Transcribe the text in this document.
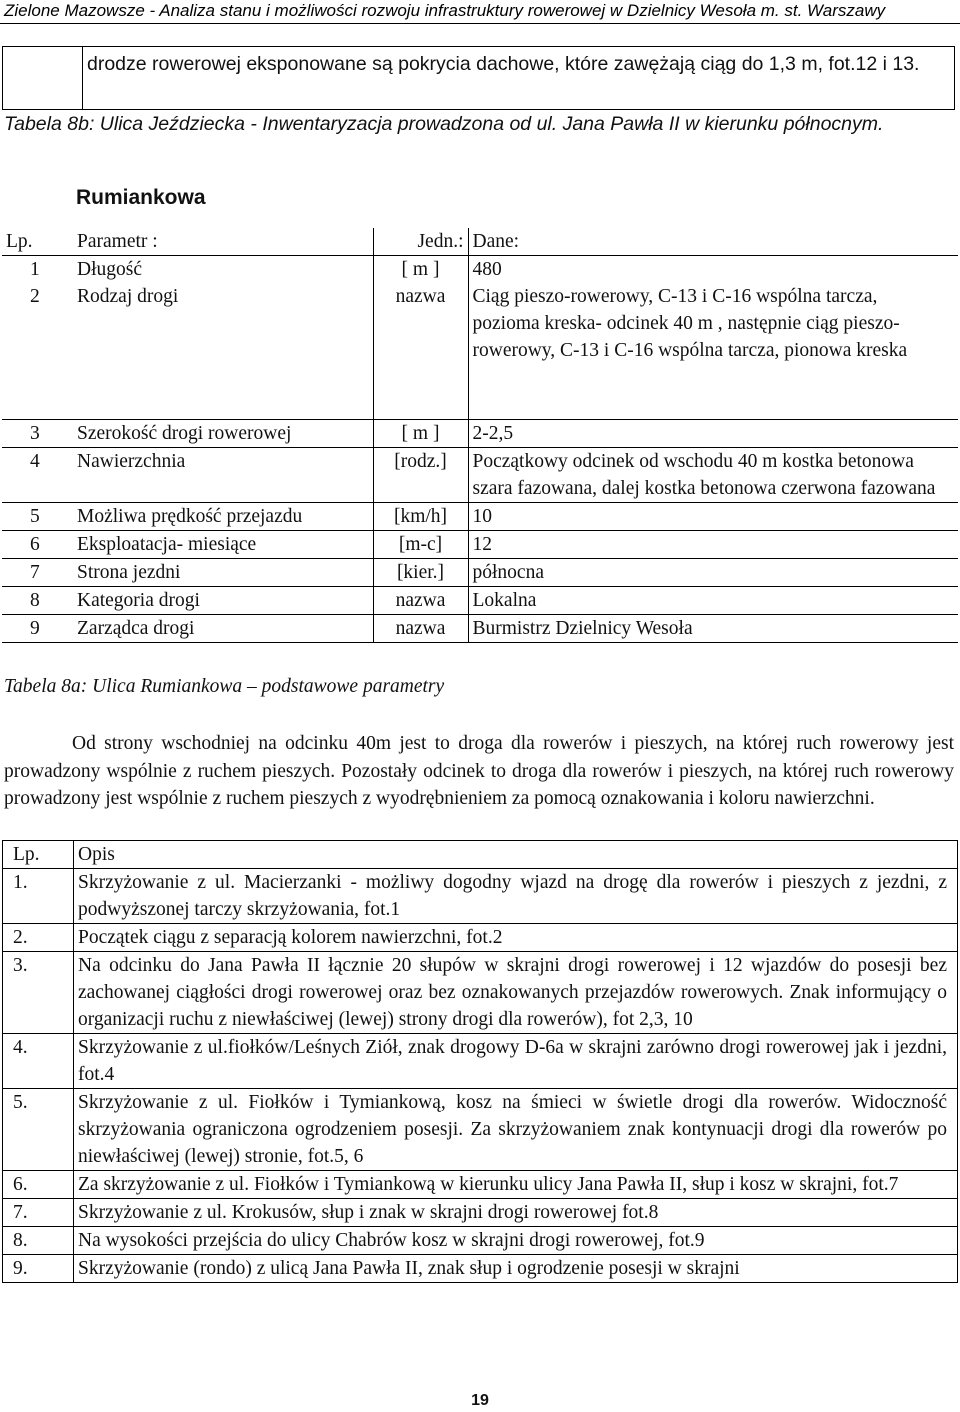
Zielone Mazowsze - Analiza stanu i możliwości rozwoju infrastruktury rowerowej w Dzielnicy Wesoła m. st. Warszawy
	drodze rowerowej eksponowane są pokrycia dachowe, które zawężają ciąg do 1,3 m, fot.12 i 13.
Tabela 8b: Ulica Jeździecka - Inwentaryzacja prowadzona od ul. Jana Pawła II w kierunku północnym.
Rumiankowa
Lp.	Parametr :	Jedn.:	Dane:
1	Długość	[ m ]	480
2	Rodzaj drogi	nazwa	Ciąg pieszo-rowerowy, C-13 i C-16 wspólna tarcza, pozioma kreska- odcinek 40 m , następnie ciąg pieszo-rowerowy, C-13 i C-16 wspólna tarcza, pionowa kreska
3	Szerokość drogi rowerowej	[ m ]	2-2,5
4	Nawierzchnia	[rodz.]	Początkowy odcinek od wschodu 40 m kostka betonowa szara fazowana, dalej kostka betonowa czerwona fazowana
5	Możliwa prędkość przejazdu	[km/h]	10
6	Eksploatacja- miesiące	[m-c]	12
7	Strona jezdni	[kier.]	północna
8	Kategoria drogi	nazwa	Lokalna
9	Zarządca drogi	nazwa	Burmistrz Dzielnicy Wesoła
Tabela 8a: Ulica Rumiankowa – podstawowe parametry
Od strony wschodniej na odcinku 40m jest to droga dla rowerów i pieszych, na której ruch rowerowy jest prowadzony wspólnie z ruchem pieszych. Pozostały odcinek to droga dla rowerów i pieszych, na której ruch rowerowy prowadzony jest wspólnie z ruchem pieszych z wyodrębnieniem za pomocą oznakowania i koloru nawierzchni.
Lp.	Opis
1.	Skrzyżowanie z ul. Macierzanki - możliwy dogodny wjazd na drogę dla rowerów i pieszych z jezdni, z podwyższonej tarczy skrzyżowania, fot.1
2.	Początek ciągu z separacją kolorem nawierzchni, fot.2
3.	Na odcinku do Jana Pawła II łącznie 20 słupów w skrajni drogi rowerowej i 12 wjazdów do posesji bez zachowanej ciągłości drogi rowerowej oraz bez oznakowanych przejazdów rowerowych. Znak informujący o organizacji ruchu z niewłaściwej (lewej) strony drogi dla rowerów), fot 2,3, 10
4.	Skrzyżowanie z ul.fiołków/Leśnych Ziół, znak drogowy D-6a w skrajni zarówno drogi rowerowej jak i jezdni, fot.4
5.	Skrzyżowanie z ul. Fiołków i Tymiankową, kosz na śmieci w świetle drogi dla rowerów. Widoczność skrzyżowania ograniczona ogrodzeniem posesji. Za skrzyżowaniem znak kontynuacji drogi dla rowerów po niewłaściwej (lewej) stronie, fot.5, 6
6.	Za skrzyżowanie z ul. Fiołków i Tymiankową w kierunku ulicy Jana Pawła II, słup i kosz w skrajni, fot.7
7.	Skrzyżowanie z ul. Krokusów, słup i znak w skrajni drogi rowerowej fot.8
8.	Na wysokości przejścia do ulicy Chabrów kosz w skrajni drogi rowerowej, fot.9
9.	Skrzyżowanie (rondo) z ulicą Jana Pawła II, znak słup i ogrodzenie posesji w skrajni
19
